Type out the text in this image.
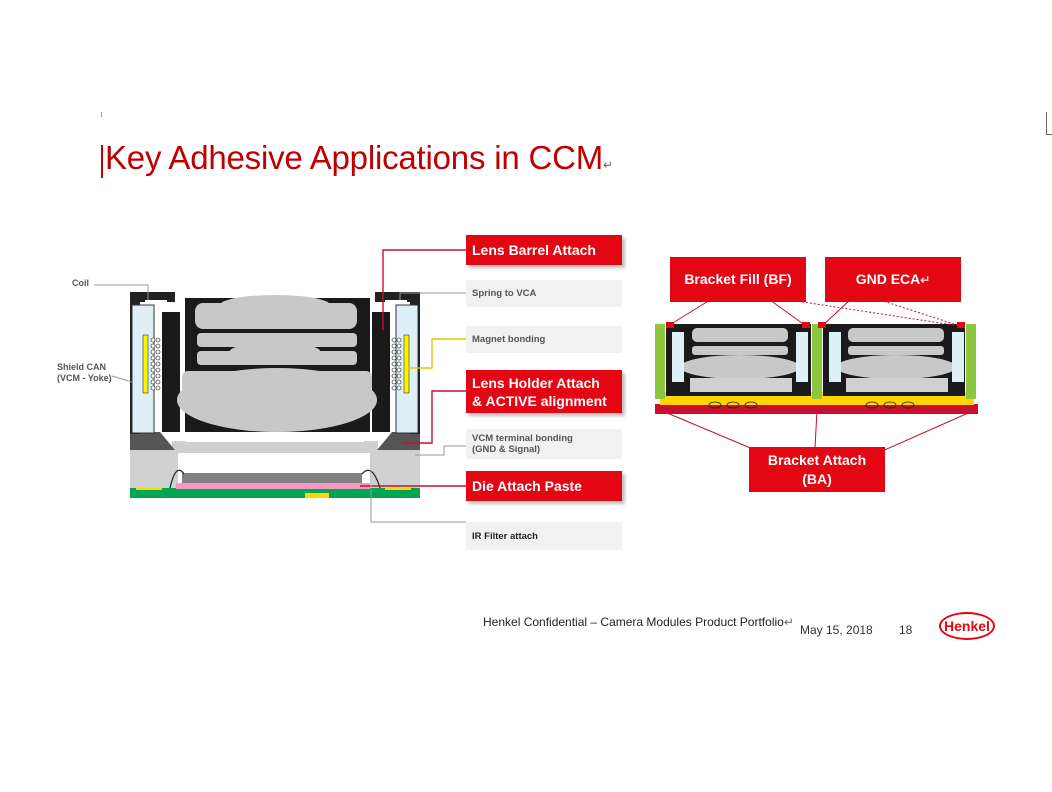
Key Adhesive Applications in CCM↵
Coil
Shield CAN
(VCM - Yoke)
Lens Barrel Attach
Spring to VCA
Magnet bonding
Lens Holder Attach
& ACTIVE alignment
VCM terminal bonding
(GND & Signal)
Die Attach Paste
IR Filter attach
Bracket Fill (BF)	GND ECA↵
Bracket Attach
(BA)
Henkel Confidential – Camera Modules Product Portfolio↵
May 15, 2018 18 Henkel
